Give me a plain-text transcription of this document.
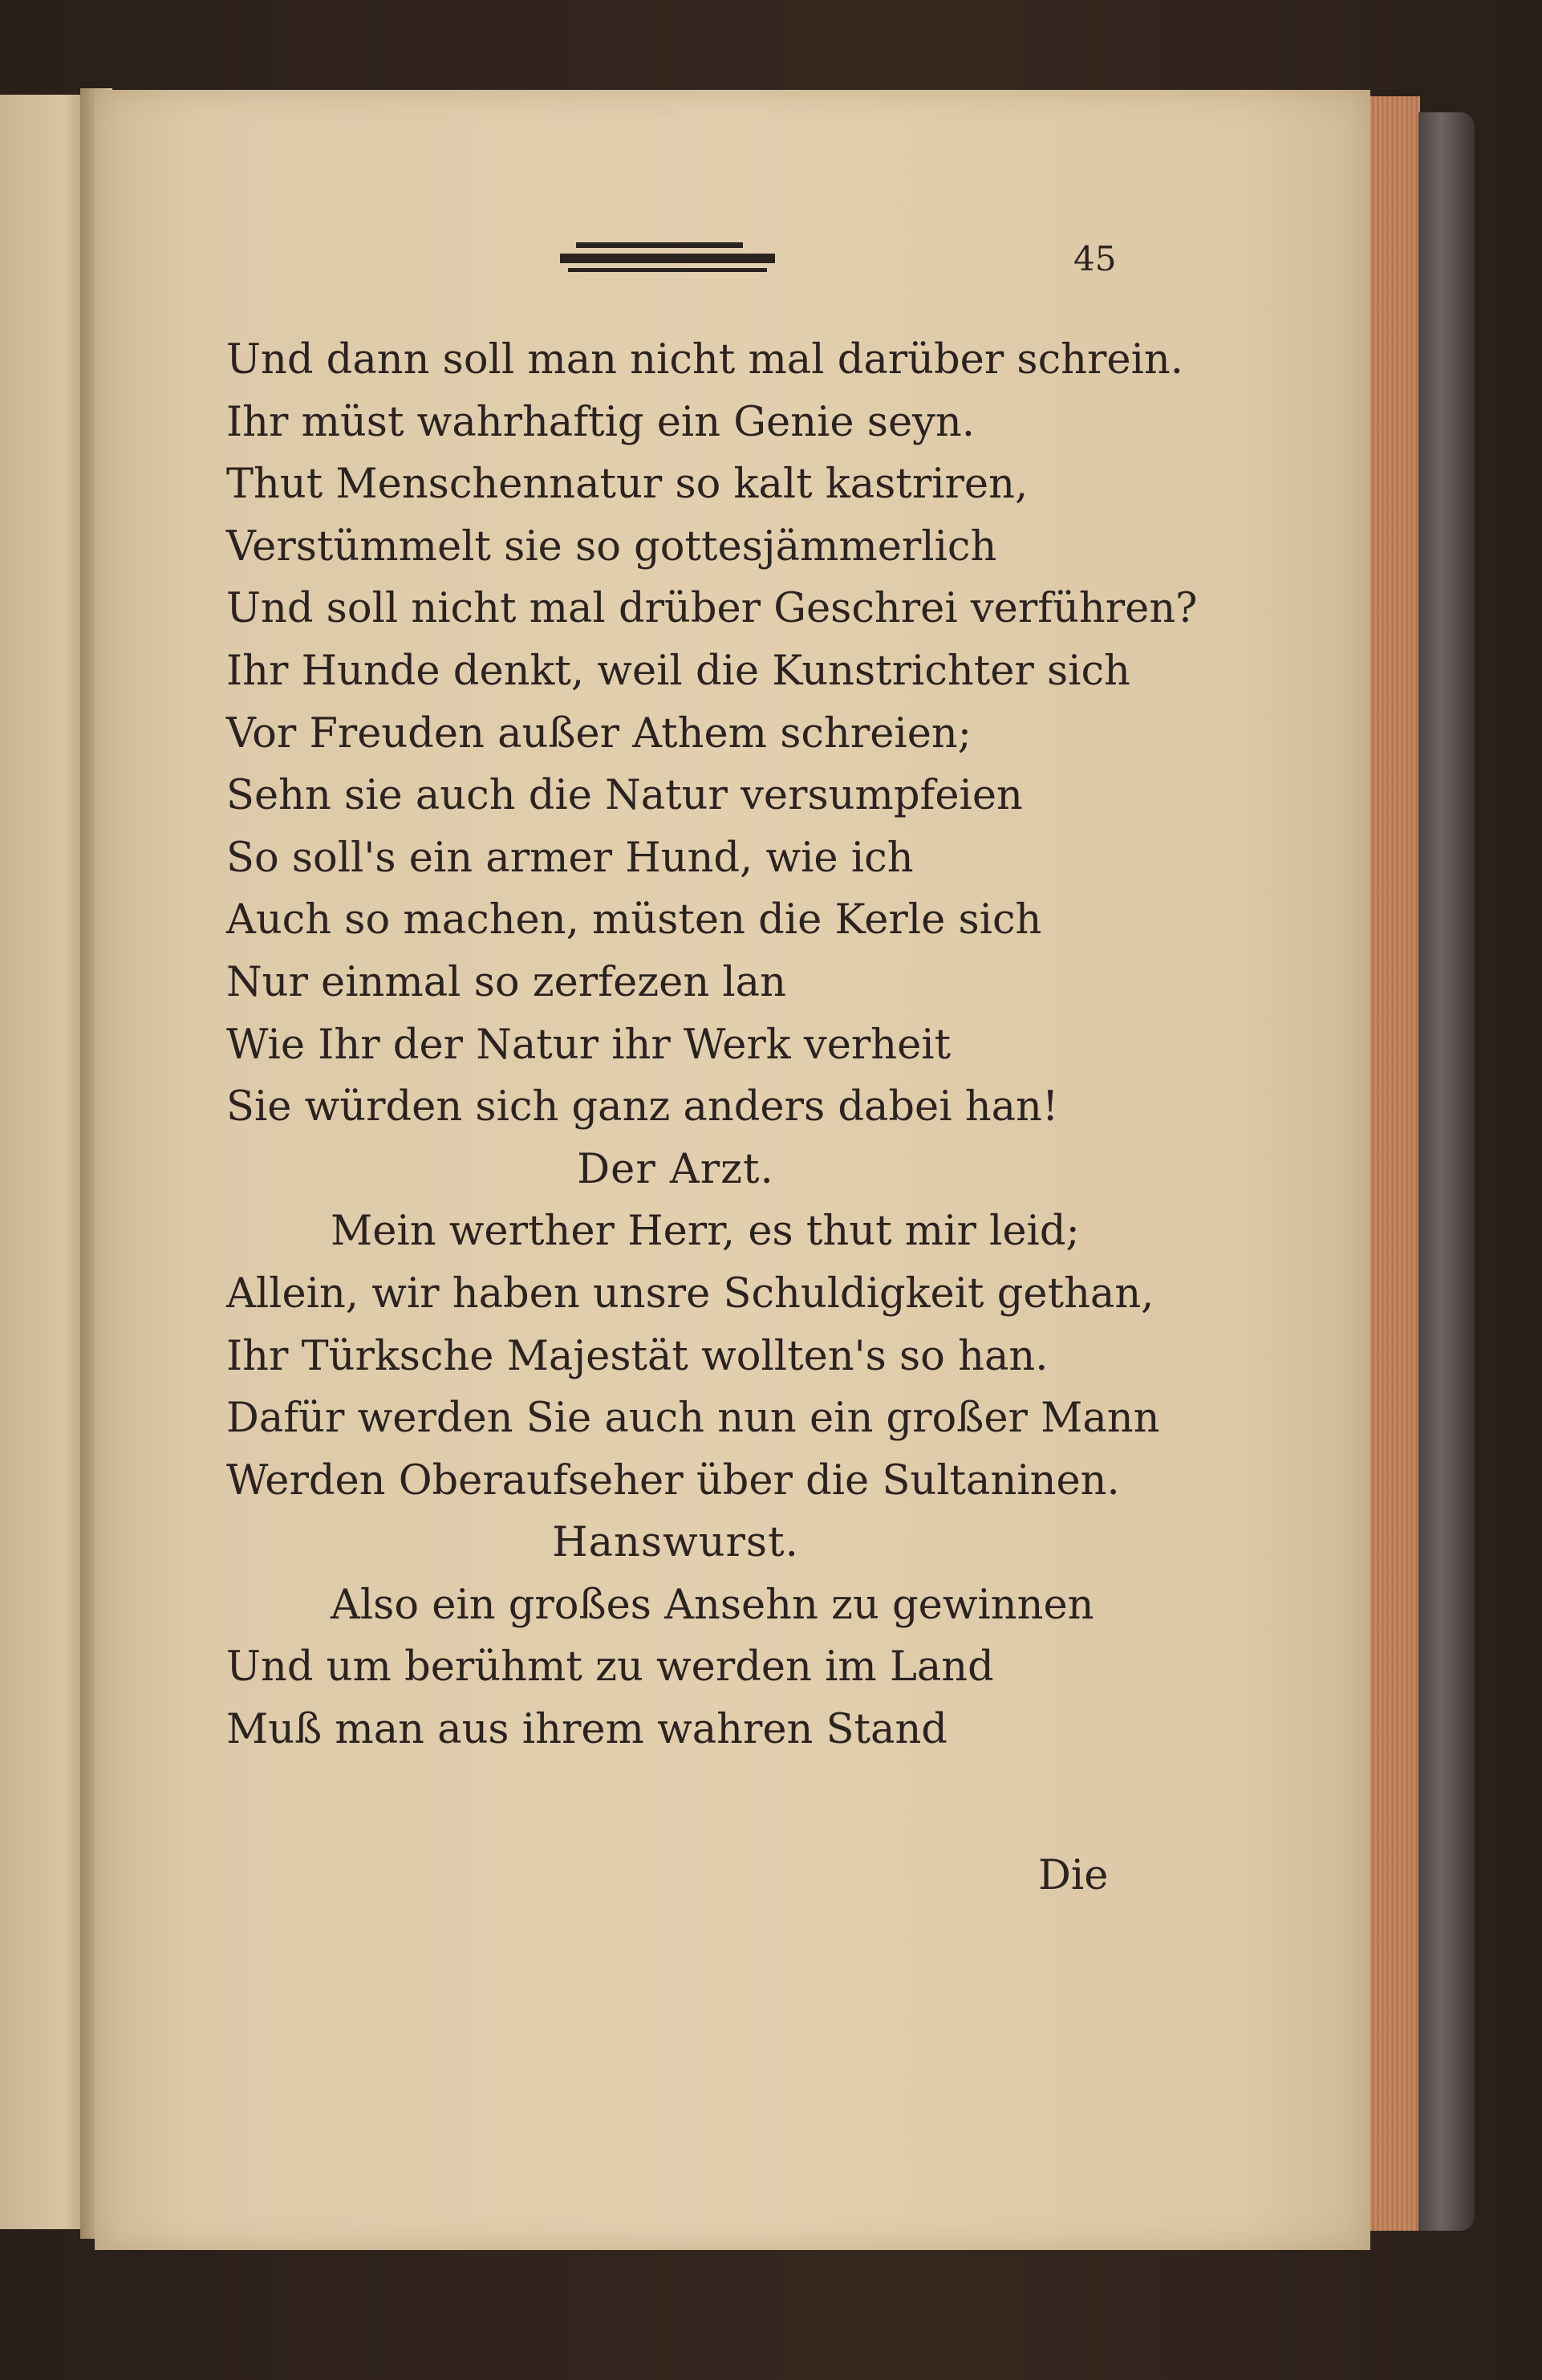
45
Und dann soll man nicht mal darüber schrein.
Ihr müst wahrhaftig ein Genie seyn.
Thut Menschennatur so kalt kastriren,
Verstümmelt sie so gottesjämmerlich
Und soll nicht mal drüber Geschrei verführen?
Ihr Hunde denkt, weil die Kunstrichter sich
Vor Freuden außer Athem schreien;
Sehn sie auch die Natur versumpfeien
So soll's ein armer Hund, wie ich
Auch so machen, müsten die Kerle sich
Nur einmal so zerfezen lan
Wie Ihr der Natur ihr Werk verheit
Sie würden sich ganz anders dabei han!
Der Arzt.
Mein werther Herr, es thut mir leid;
Allein, wir haben unsre Schuldigkeit gethan,
Ihr Türksche Majestät wollten's so han.
Dafür werden Sie auch nun ein großer Mann
Werden Oberaufseher über die Sultaninen.
Hanswurst.
Also ein großes Ansehn zu gewinnen
Und um berühmt zu werden im Land
Muß man aus ihrem wahren Stand
Die
